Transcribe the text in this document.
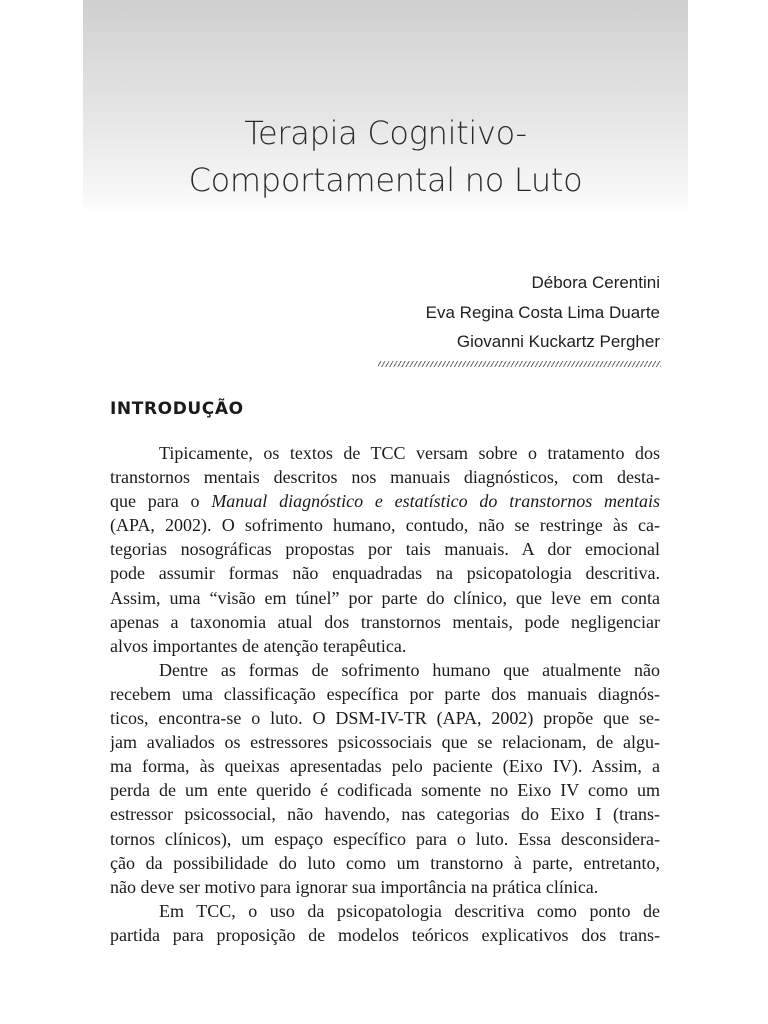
Terapia Cognitivo-
Comportamental no Luto
Débora Cerentini
Eva Regina Costa Lima Duarte
Giovanni Kuckartz Pergher
INTRODUÇÃO
Tipicamente, os textos de TCC versam sobre o tratamento dos
transtornos mentais descritos nos manuais diagnósticos, com desta-
que para o Manual diagnóstico e estatístico do transtornos mentais
(APA, 2002). O sofrimento humano, contudo, não se restringe às ca-
tegorias nosográficas propostas por tais manuais. A dor emocional
pode assumir formas não enquadradas na psicopatologia descritiva.
Assim, uma “visão em túnel” por parte do clínico, que leve em conta
apenas a taxonomia atual dos transtornos mentais, pode negligenciar
alvos importantes de atenção terapêutica.
Dentre as formas de sofrimento humano que atualmente não
recebem uma classificação específica por parte dos manuais diagnós-
ticos, encontra-se o luto. O DSM-IV-TR (APA, 2002) propõe que se-
jam avaliados os estressores psicossociais que se relacionam, de algu-
ma forma, às queixas apresentadas pelo paciente (Eixo IV). Assim, a
perda de um ente querido é codificada somente no Eixo IV como um
estressor psicossocial, não havendo, nas categorias do Eixo I (trans-
tornos clínicos), um espaço específico para o luto. Essa desconsidera-
ção da possibilidade do luto como um transtorno à parte, entretanto,
não deve ser motivo para ignorar sua importância na prática clínica.
Em TCC, o uso da psicopatologia descritiva como ponto de
partida para proposição de modelos teóricos explicativos dos trans-
